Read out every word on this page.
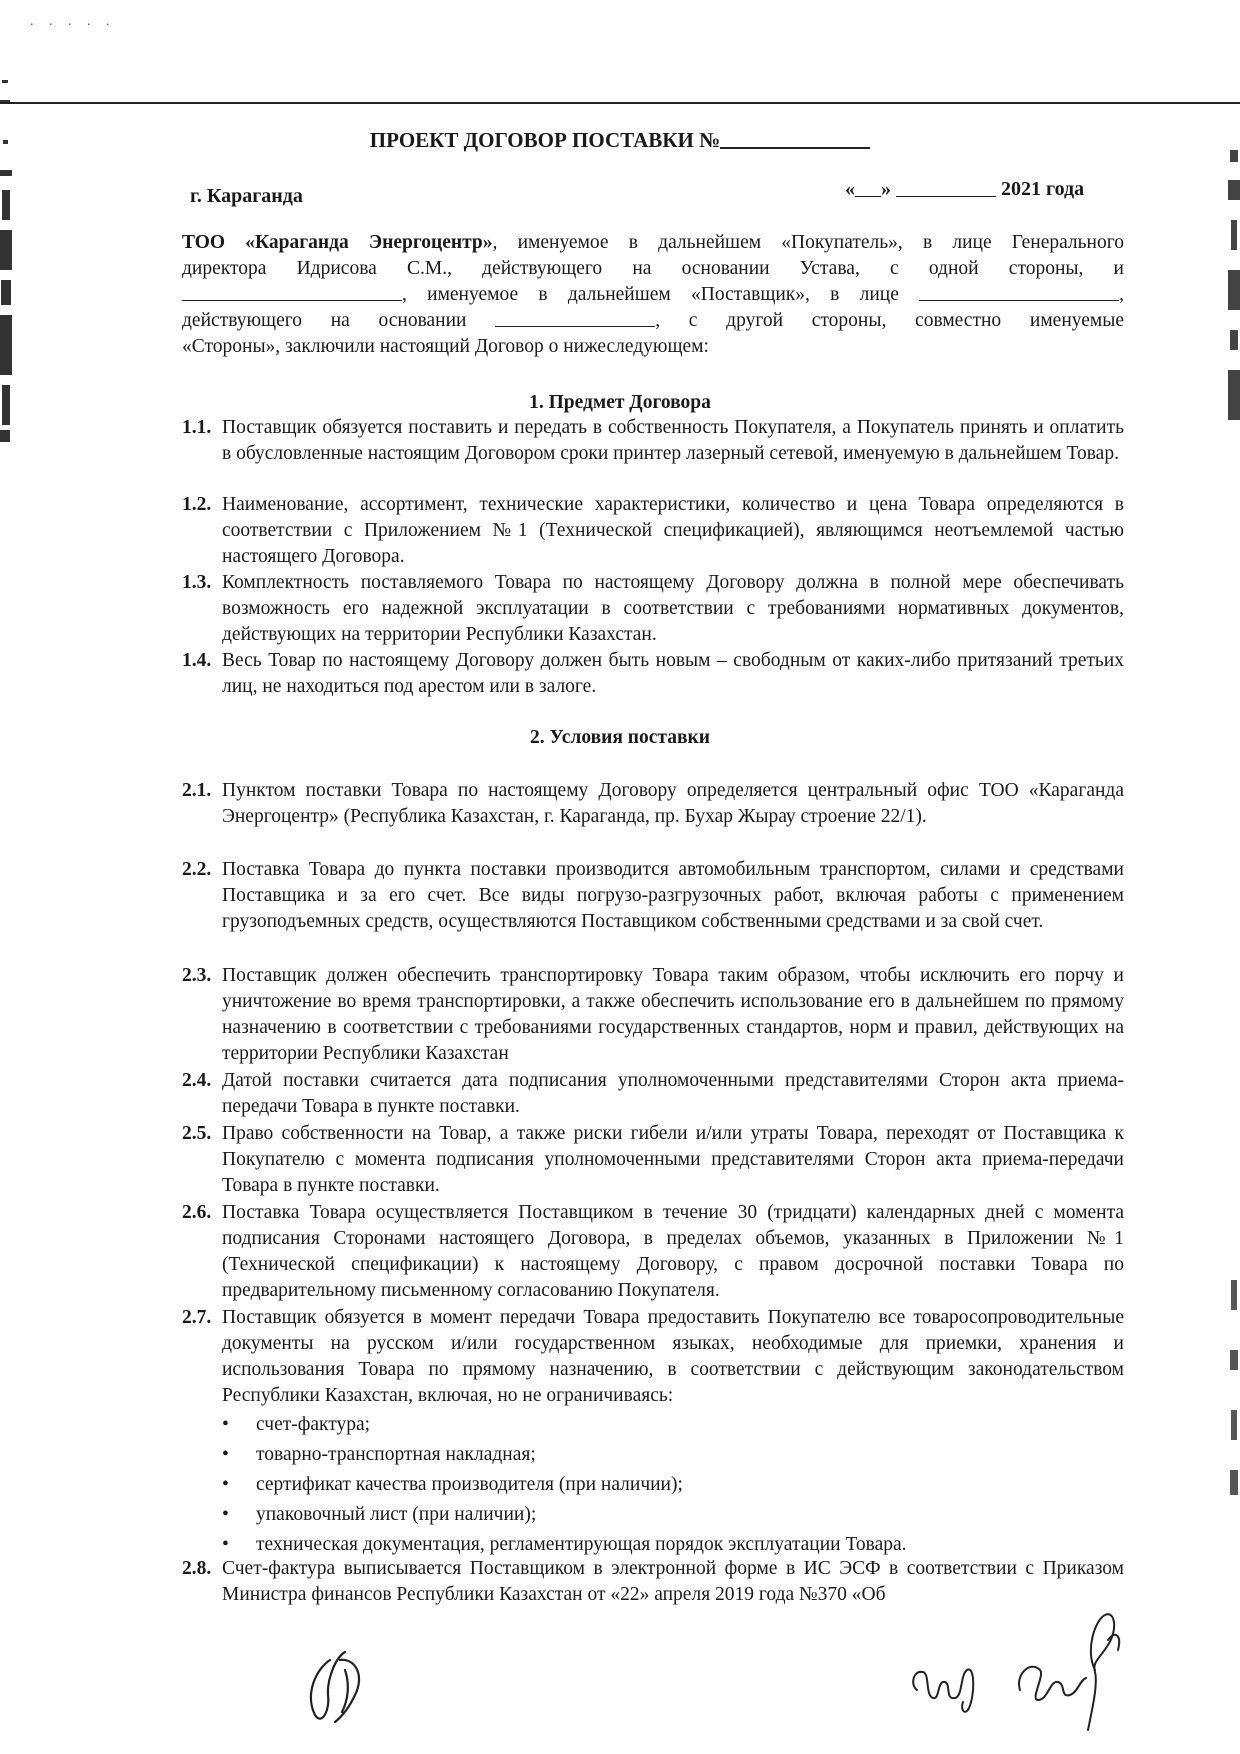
. . . . .
ПРОЕКТ ДОГОВОР ПОСТАВКИ №
г. Караганда	« »	2021 года
ТОО «Караганда Энергоцентр», именуемое в дальнейшем «Покупатель», в лице Генерального
директора Идрисова С.М., действующего на основании Устава, с одной стороны, и
, именуемое в дальнейшем «Поставщик», в лице	,
действующего на основании	, с другой стороны, совместно именуемые
«Стороны», заключили настоящий Договор о нижеследующем:
1. Предмет Договора
1.1. Поставщик обязуется поставить и передать в собственность Покупателя, а Покупатель принять и оплатить в обусловленные настоящим Договором сроки принтер лазерный сетевой, именуемую в дальнейшем Товар.
1.2. Наименование, ассортимент, технические характеристики, количество и цена Товара определяются в соответствии с Приложением №1 (Технической спецификацией), являющимся неотъемлемой частью настоящего Договора.
1.3. Комплектность поставляемого Товара по настоящему Договору должна в полной мере обеспечивать возможность его надежной эксплуатации в соответствии с требованиями нормативных документов, действующих на территории Республики Казахстан.
1.4. Весь Товар по настоящему Договору должен быть новым – свободным от каких-либо притязаний третьих лиц, не находиться под арестом или в залоге.
2. Условия поставки
2.1. Пунктом поставки Товара по настоящему Договору определяется центральный офис ТОО «Караганда Энергоцентр» (Республика Казахстан, г. Караганда, пр. Бухар Жырау строение 22/1).
2.2. Поставка Товара до пункта поставки производится автомобильным транспортом, силами и средствами Поставщика и за его счет. Все виды погрузо-разгрузочных работ, включая работы с применением грузоподъемных средств, осуществляются Поставщиком собственными средствами и за свой счет.
2.3. Поставщик должен обеспечить транспортировку Товара таким образом, чтобы исключить его порчу и уничтожение во время транспортировки, а также обеспечить использование его в дальнейшем по прямому назначению в соответствии с требованиями государственных стандартов, норм и правил, действующих на территории Республики Казахстан
2.4. Датой поставки считается дата подписания уполномоченными представителями Сторон акта приема-передачи Товара в пункте поставки.
2.5. Право собственности на Товар, а также риски гибели и/или утраты Товара, переходят от Поставщика к Покупателю с момента подписания уполномоченными представителями Сторон акта приема-передачи Товара в пункте поставки.
2.6. Поставка Товара осуществляется Поставщиком в течение 30 (тридцати) календарных дней с момента подписания Сторонами настоящего Договора, в пределах объемов, указанных в Приложении №1 (Технической спецификации) к настоящему Договору, с правом досрочной поставки Товара по предварительному письменному согласованию Покупателя.
2.7. Поставщик обязуется в момент передачи Товара предоставить Покупателю все товаросопроводительные документы на русском и/или государственном языках, необходимые для приемки, хранения и использования Товара по прямому назначению, в соответствии с действующим законодательством Республики Казахстан, включая, но не ограничиваясь:
• счет-фактура;
• товарно-транспортная накладная;
• сертификат качества производителя (при наличии);
• упаковочный лист (при наличии);
• техническая документация, регламентирующая порядок эксплуатации Товара.
2.8. Счет-фактура выписывается Поставщиком в электронной форме в ИС ЭСФ в соответствии с Приказом Министра финансов Республики Казахстан от «22» апреля 2019 года №370 «Об
